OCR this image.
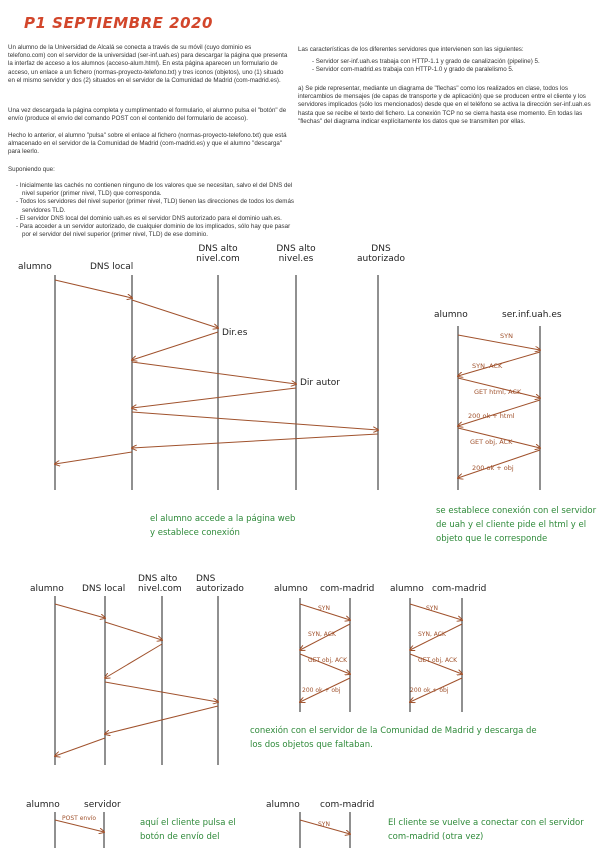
P1 SEPTIEMBRE 2020
Un alumno de la Universidad de Alcalá se conecta a través de su móvil (cuyo dominio es telefono.com) con el servidor de la universidad (ser-inf.uah.es) para descargar la página que presenta la interfaz de acceso a los alumnos (acceso-alum.html). En esta página aparecen un formulario de acceso, un enlace a un fichero (normas-proyecto-telefono.txt) y tres iconos (objetos), uno (1) situado en el mismo servidor y dos (2) situados en el servidor de la Comunidad de Madrid (com-madrid.es).
Una vez descargada la página completa y cumplimentado el formulario, el alumno pulsa el "botón" de envío (produce el envío del comando POST con el contenido del formulario de acceso).
Hecho lo anterior, el alumno "pulsa" sobre el enlace al fichero (normas-proyecto-telefono.txt) que está almacenado en el servidor de la Comunidad de Madrid (com-madrid.es) y que el alumno "descarga" para leerlo.
Suponiendo que:
- Inicialmente las cachés no contienen ninguno de los valores que se necesitan, salvo el del DNS del nivel superior (primer nivel, TLD) que corresponda.
- Todos los servidores del nivel superior (primer nivel, TLD) tienen las direcciones de todos los demás servidores TLD.
- El servidor DNS local del dominio uah.es es el servidor DNS autorizado para el dominio uah.es.
- Para acceder a un servidor autorizado, de cualquier dominio de los implicados, sólo hay que pasar por el servidor del nivel superior (primer nivel, TLD) de ese dominio.
Las características de los diferentes servidores que intervienen son las siguientes:
- Servidor ser-inf.uah.es trabaja con HTTP-1.1 y grado de canalización (pipeline) 5.
- Servidor com-madrid.es trabaja con HTTP-1.0 y grado de paralelismo 5.
a) Se pide representar, mediante un diagrama de "flechas" como los realizados en clase, todos los intercambios de mensajes (de capas de transporte y de aplicación) que se producen entre el cliente y los servidores implicados (sólo los mencionados) desde que en el teléfono se activa la dirección ser-inf.uah.es hasta que se recibe el texto del fichero. La conexión TCP no se cierra hasta ese momento. En todas las "flechas" del diagrama indicar explícitamente los datos que se transmiten por ellas.
alumno	DNS local
DNS alto nivel.com
DNS alto nivel.es
DNS autorizado
Dir.es
Dir autor
el alumno accede a la página web y establece conexión
alumno	ser.inf.uah.es
se establece conexión con el servidor de uah y el cliente pide el html y el objeto que le corresponde
alumno DNS local
DNS alto nivel.com
DNS autorizado	alumno com-madrid alumno com-madrid
conexión con el servidor de la Comunidad de Madrid y descarga de los dos objetos que faltaban.
alumno	servidor	alumno com-madrid
aquí el cliente pulsa el botón de envío del
El cliente se vuelve a conectar con el servidor com-madrid (otra vez)
SYN
SYN, ACK
GET html, ACK
200 ok + html
GET obj, ACK
200 ok + obj
SYN
SYN, ACK
GET obj, ACK
200 ok + obj
SYN
SYN, ACK
GET obj, ACK
200 ok + obj
POST envío
SYN
